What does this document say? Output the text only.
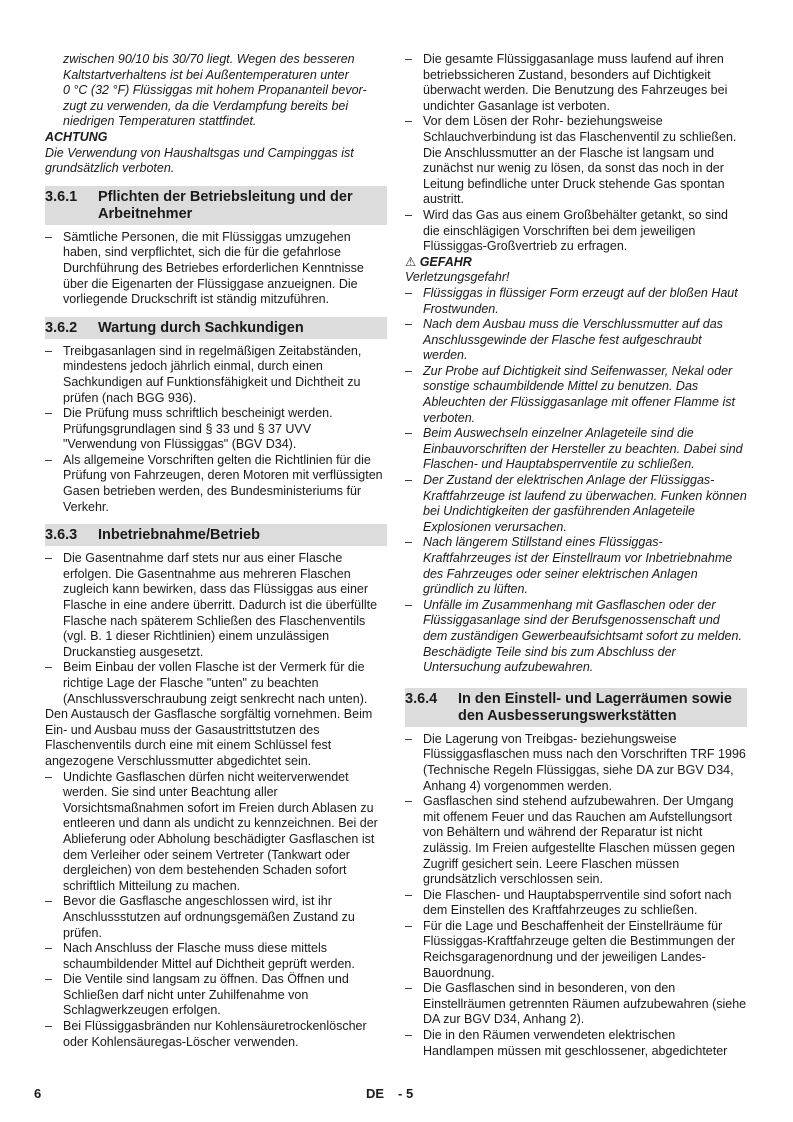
zwischen 90/10 bis 30/70 liegt. Wegen des besseren

Kaltstartverhaltens ist bei Außentemperaturen unter

0 °C (32 °F) Flüssiggas mit hohem Propananteil bevor-

zugt zu verwenden, da die Verdampfung bereits bei

niedrigen Temperaturen stattfindet.

ACHTUNG

Die Verwendung von Haushaltsgas und Campinggas ist grundsätzlich verboten.

3.6.1 Pflichten der Betriebsleitung und der Arbeitnehmer
– Sämtliche Personen, die mit Flüssiggas umzugehen haben, sind verpflichtet, sich die für die gefahrlose Durchführung des Betriebes erforderlichen Kenntnisse über die Eigenarten der Flüssiggase anzueignen. Die vorliegende Druckschrift ist ständig mitzuführen.
3.6.2 Wartung durch Sachkundigen
– Treibgasanlagen sind in regelmäßigen Zeitabständen, mindestens jedoch jährlich einmal, durch einen Sachkundigen auf Funktionsfähigkeit und Dichtheit zu prüfen (nach BGG 936).
– Die Prüfung muss schriftlich bescheinigt werden. Prüfungsgrundlagen sind § 33 und § 37 UVV "Verwendung von Flüssiggas" (BGV D34).
– Als allgemeine Vorschriften gelten die Richtlinien für die Prüfung von Fahrzeugen, deren Motoren mit verflüssigten Gasen betrieben werden, des Bundesministeriums für Verkehr.
3.6.3 Inbetriebnahme/Betrieb
– Die Gasentnahme darf stets nur aus einer Flasche erfolgen. Die Gasentnahme aus mehreren Flaschen zugleich kann bewirken, dass das Flüssiggas aus einer Flasche in eine andere überritt. Dadurch ist die überfüllte Flasche nach späterem Schließen des Flaschenventils (vgl. B. 1 dieser Richtlinien) einem unzulässigen Druckanstieg ausgesetzt.
– Beim Einbau der vollen Flasche ist der Vermerk für die richtige Lage der Flasche "unten" zu beachten (Anschlussverschraubung zeigt senkrecht nach unten).

Den Austausch der Gasflasche sorgfältig vornehmen. Beim Ein- und Ausbau muss der Gasaustrittstutzen des Flaschenventils durch eine mit einem Schlüssel fest angezogene Verschlussmutter abgedichtet sein.

– Undichte Gasflaschen dürfen nicht weiterverwendet werden. Sie sind unter Beachtung aller Vorsichtsmaßnahmen sofort im Freien durch Ablasen zu entleeren und dann als undicht zu kennzeichnen. Bei der Ablieferung oder Abholung beschädigter Gasflaschen ist dem Verleiher oder seinem Vertreter (Tankwart oder dergleichen) von dem bestehenden Schaden sofort schriftlich Mitteilung zu machen.
– Bevor die Gasflasche angeschlossen wird, ist ihr Anschlussstutzen auf ordnungsgemäßen Zustand zu prüfen.
– Nach Anschluss der Flasche muss diese mittels schaumbildender Mittel auf Dichtheit geprüft werden.
– Die Ventile sind langsam zu öffnen. Das Öffnen und Schließen darf nicht unter Zuhilfenahme von Schlagwerkzeugen erfolgen.
– Bei Flüssiggasbränden nur Kohlensäuretrockenlöscher oder Kohlensäuregas-Löscher verwenden.
– Die gesamte Flüssiggasanlage muss laufend auf ihren betriebssicheren Zustand, besonders auf Dichtigkeit überwacht werden. Die Benutzung des Fahrzeuges bei undichter Gasanlage ist verboten.
– Vor dem Lösen der Rohr- beziehungsweise Schlauchverbindung ist das Flaschenventil zu schließen. Die Anschlussmutter an der Flasche ist langsam und zunächst nur wenig zu lösen, da sonst das noch in der Leitung befindliche unter Druck stehende Gas spontan austritt.
– Wird das Gas aus einem Großbehälter getankt, so sind die einschlägigen Vorschriften bei dem jeweiligen Flüssiggas-Großvertrieb zu erfragen.

⚠ GEFAHR

Verletzungsgefahr!

– Flüssiggas in flüssiger Form erzeugt auf der bloßen Haut Frostwunden.
– Nach dem Ausbau muss die Verschlussmutter auf das Anschlussgewinde der Flasche fest aufgeschraubt werden.
– Zur Probe auf Dichtigkeit sind Seifenwasser, Nekal oder sonstige schaumbildende Mittel zu benutzen. Das Ableuchten der Flüssiggasanlage mit offener Flamme ist verboten.
– Beim Auswechseln einzelner Anlageteile sind die Einbauvorschriften der Hersteller zu beachten. Dabei sind Flaschen- und Hauptabsperrventile zu schließen.
– Der Zustand der elektrischen Anlage der Flüssiggas-Kraftfahrzeuge ist laufend zu überwachen. Funken können bei Undichtigkeiten der gasführenden Anlageteile Explosionen verursachen.
– Nach längerem Stillstand eines Flüssiggas-Kraftfahrzeuges ist der Einstellraum vor Inbetriebnahme des Fahrzeuges oder seiner elektrischen Anlagen gründlich zu lüften.
– Unfälle im Zusammenhang mit Gasflaschen oder der Flüssiggasanlage sind der Berufsgenossenschaft und dem zuständigen Gewerbeaufsichtsamt sofort zu melden. Beschädigte Teile sind bis zum Abschluss der Untersuchung aufzubewahren.
3.6.4 In den Einstell- und Lagerräumen sowie den Ausbesserungswerkstätten
– Die Lagerung von Treibgas- beziehungsweise Flüssiggasflaschen muss nach den Vorschriften TRF 1996 (Technische Regeln Flüssiggas, siehe DA zur BGV D34, Anhang 4) vorgenommen werden.
– Gasflaschen sind stehend aufzubewahren. Der Umgang mit offenem Feuer und das Rauchen am Aufstellungsort von Behältern und während der Reparatur ist nicht zulässig. Im Freien aufgestellte Flaschen müssen gegen Zugriff gesichert sein. Leere Flaschen müssen grundsätzlich verschlossen sein.
– Die Flaschen- und Hauptabsperrventile sind sofort nach dem Einstellen des Kraftfahrzeuges zu schließen.
– Für die Lage und Beschaffenheit der Einstellräume für Flüssiggas-Kraftfahrzeuge gelten die Bestimmungen der Reichsgaragenordnung und der jeweiligen Landes-Bauordnung.
– Die Gasflaschen sind in besonderen, von den Einstellräumen getrennten Räumen aufzubewahren (siehe DA zur BGV D34, Anhang 2).
– Die in den Räumen verwendeten elektrischen Handlampen müssen mit geschlossener, abgedichteter
6	DE - 5
